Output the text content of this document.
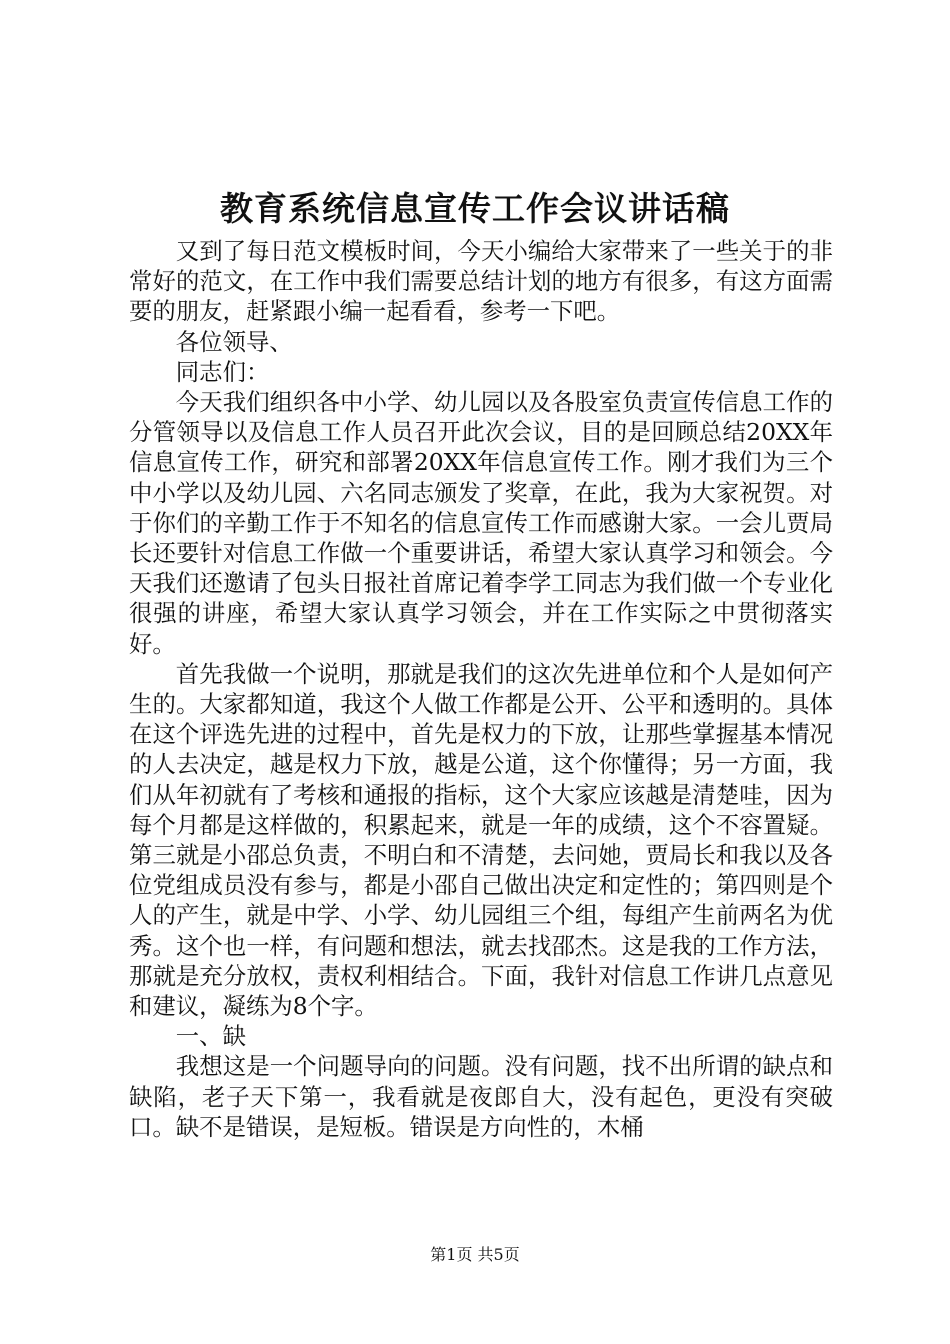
教育系统信息宣传工作会议讲话稿

又到了每日范文模板时间，今天小编给大家带来了一些关于的非常好的范文，在工作中我们需要总结计划的地方有很多，有这方面需要的朋友，赶紧跟小编一起看看，参考一下吧。

各位领导、

同志们：

今天我们组织各中小学、幼儿园以及各股室负责宣传信息工作的分管领导以及信息工作人员召开此次会议，目的是回顾总结20XX年信息宣传工作，研究和部署20XX年信息宣传工作。刚才我们为三个中小学以及幼儿园、六名同志颁发了奖章，在此，我为大家祝贺。对于你们的辛勤工作于不知名的信息宣传工作而感谢大家。一会儿贾局长还要针对信息工作做一个重要讲话，希望大家认真学习和领会。今天我们还邀请了包头日报社首席记着李学工同志为我们做一个专业化很强的讲座，希望大家认真学习领会，并在工作实际之中贯彻落实好。

首先我做一个说明，那就是我们的这次先进单位和个人是如何产生的。大家都知道，我这个人做工作都是公开、公平和透明的。具体在这个评选先进的过程中，首先是权力的下放，让那些掌握基本情况的人去决定，越是权力下放，越是公道，这个你懂得；另一方面，我们从年初就有了考核和通报的指标，这个大家应该越是清楚哇，因为每个月都是这样做的，积累起来，就是一年的成绩，这个不容置疑。第三就是小邵总负责，不明白和不清楚，去问她，贾局长和我以及各位党组成员没有参与，都是小邵自己做出决定和定性的；第四则是个人的产生，就是中学、小学、幼儿园组三个组，每组产生前两名为优秀。这个也一样，有问题和想法，就去找邵杰。这是我的工作方法，那就是充分放权，责权利相结合。下面，我针对信息工作讲几点意见和建议，凝练为8个字。

一、缺

我想这是一个问题导向的问题。没有问题，找不出所谓的缺点和缺陷，老子天下第一，我看就是夜郎自大，没有起色，更没有突破口。缺不是错误，是短板。错误是方向性的，木桶

第1页 共5页
